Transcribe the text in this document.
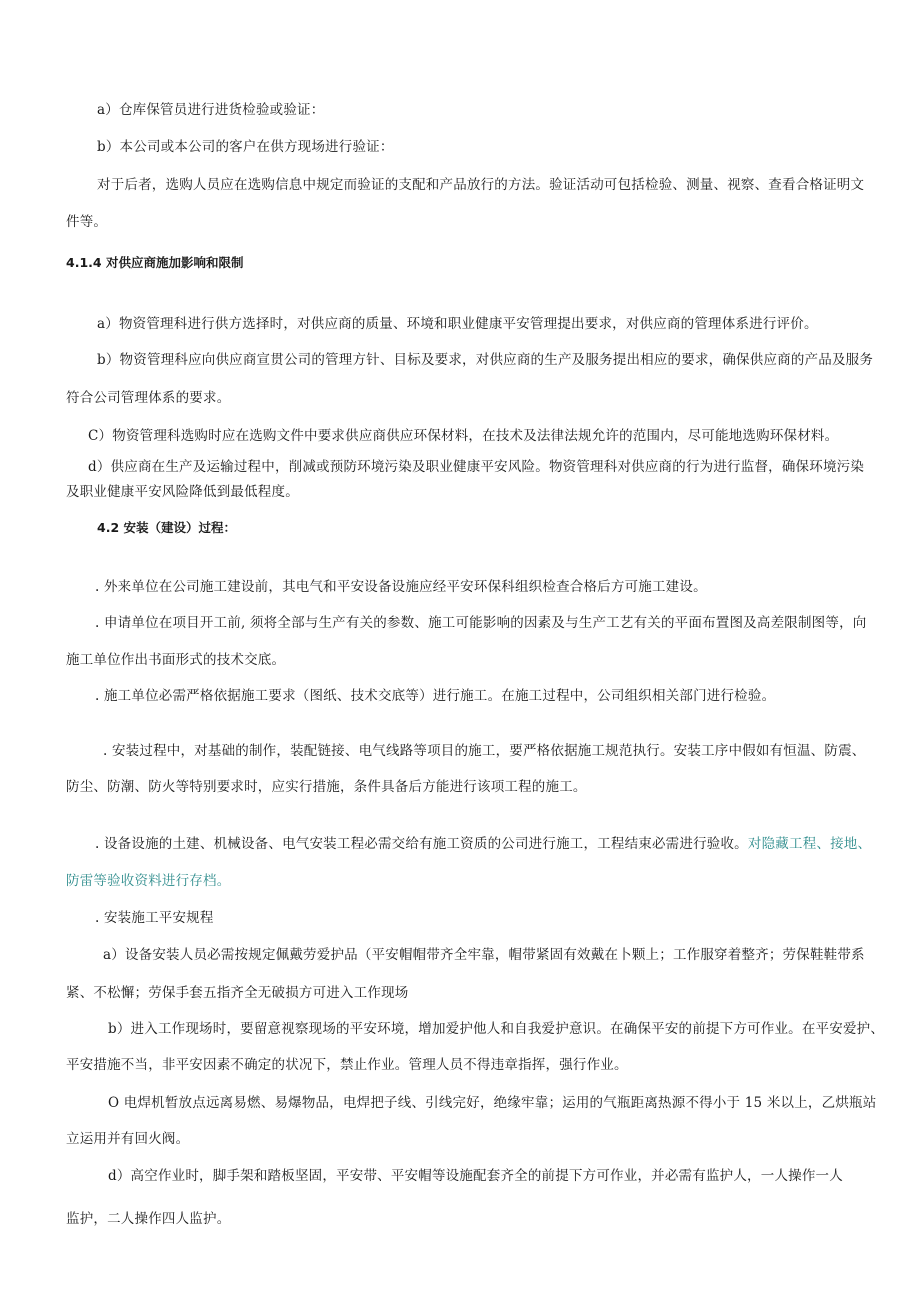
a）仓库保管员进行进货检验或验证：
b）本公司或本公司的客户在供方现场进行验证：
对于后者，选购人员应在选购信息中规定而验证的支配和产品放行的方法。验证活动可包括检验、测量、视察、查看合格证明文
件等。
4.1.4 对供应商施加影响和限制
a）物资管理科进行供方选择时，对供应商的质量、环境和职业健康平安管理提出要求，对供应商的管理体系进行评价。
b）物资管理科应向供应商宣贯公司的管理方针、目标及要求，对供应商的生产及服务提出相应的要求，确保供应商的产品及服务
符合公司管理体系的要求。
C）物资管理科选购时应在选购文件中要求供应商供应环保材料，在技术及法律法规允许的范围内，尽可能地选购环保材料。
d）供应商在生产及运输过程中，削减或预防环境污染及职业健康平安风险。物资管理科对供应商的行为进行监督，确保环境污染
及职业健康平安风险降低到最低程度。
4.2 安装（建设）过程：
. 外来单位在公司施工建设前，其电气和平安设备设施应经平安环保科组织检查合格后方可施工建设。
. 申请单位在项目开工前, 须将全部与生产有关的参数、施工可能影响的因素及与生产工艺有关的平面布置图及高差限制图等，向
施工单位作出书面形式的技术交底。
. 施工单位必需严格依据施工要求（图纸、技术交底等）进行施工。在施工过程中，公司组织相关部门进行检验。
. 安装过程中，对基础的制作，装配链接、电气线路等项目的施工，要严格依据施工规范执行。安装工序中假如有恒温、防震、
防尘、防潮、防火等特别要求时，应实行措施，条件具备后方能进行该项工程的施工。
. 设备设施的土建、机械设备、电气安装工程必需交给有施工资质的公司进行施工，工程结束必需进行验收。对隐藏工程、接地、
防雷等验收资料进行存档。
. 安装施工平安规程
a）设备安装人员必需按规定佩戴劳爱护品（平安帽帽带齐全牢靠，帽带紧固有效戴在卜颗上；工作服穿着整齐；劳保鞋鞋带系
紧、不松懈；劳保手套五指齐全无破损方可进入工作现场
b）进入工作现场时，要留意视察现场的平安环境，增加爱护他人和自我爱护意识。在确保平安的前提下方可作业。在平安爱护、
平安措施不当，非平安因素不确定的状况下，禁止作业。管理人员不得违章指挥，强行作业。
O 电焊机暂放点远离易燃、易爆物品，电焊把子线、引线完好，绝缘牢靠；运用的气瓶距离热源不得小于 15 米以上，乙烘瓶站
立运用并有回火阀。
d）高空作业时，脚手架和踏板坚固，平安带、平安帽等设施配套齐全的前提下方可作业，并必需有监护人，一人操作一人
监护，二人操作四人监护。
